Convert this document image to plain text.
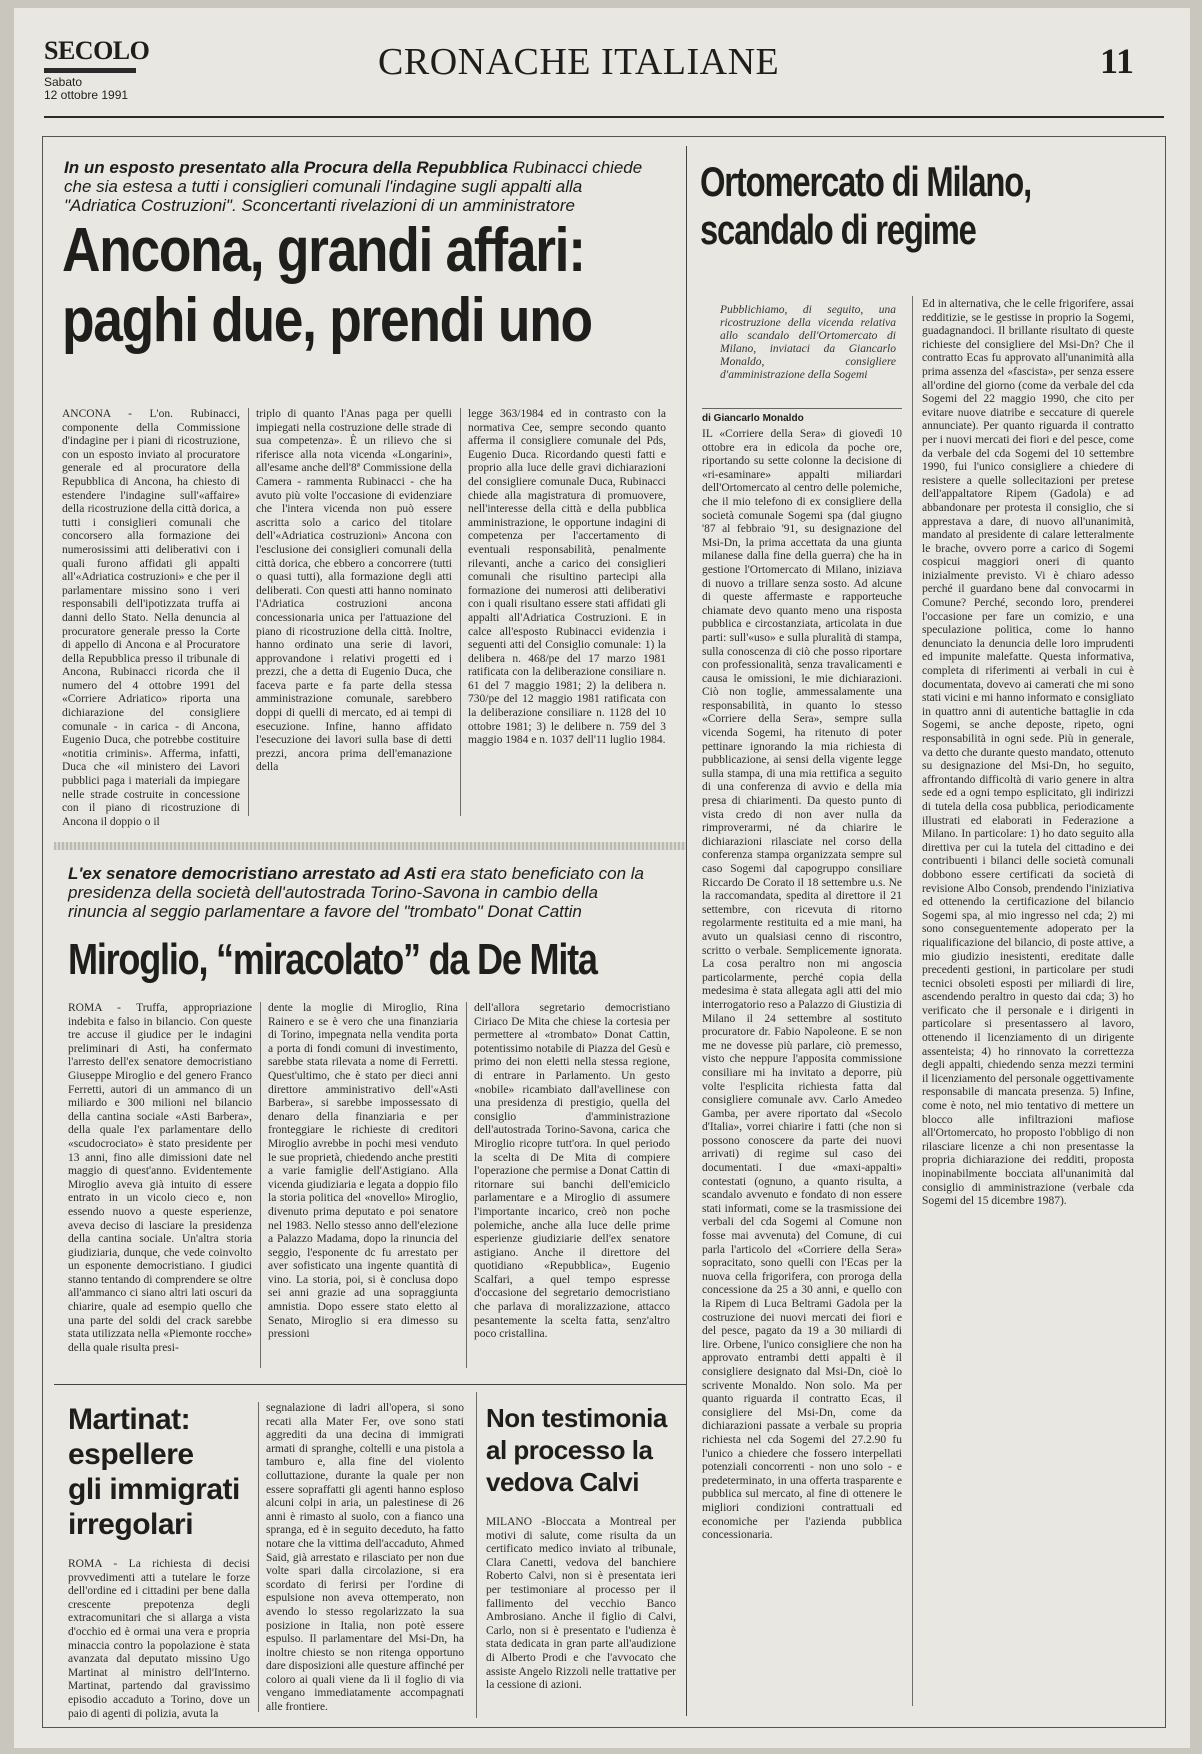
SECOLO
Sabato
12 ottobre 1991
CRONACHE ITALIANE	11

In un esposto presentato alla Procura della Repubblica Rubinacci chiede che sia estesa a tutti i consiglieri comunali l'indagine sugli appalti alla "Adriatica Costruzioni". Sconcertanti rivelazioni di un amministratore

Ancona, grandi affari:
paghi due, prendi uno

ANCONA - L'on. Rubinacci, componente della Commissione d'indagine per i piani di ricostruzione, con un esposto inviato al procuratore generale ed al procuratore della Repubblica di Ancona, ha chiesto di estendere l'indagine sull'«affaire» della ricostruzione della città dorica, a tutti i consiglieri comunali che concorsero alla formazione dei numerosissimi atti deliberativi con i quali furono affidati gli appalti all'«Adriatica costruzioni» e che per il parlamentare missino sono i veri responsabili dell'ipotizzata truffa ai danni dello Stato. Nella denuncia al procuratore generale presso la Corte di appello di Ancona e al Procuratore della Repubblica presso il tribunale di Ancona, Rubinacci ricorda che il numero del 4 ottobre 1991 del «Corriere Adriatico» riporta una dichiarazione del consigliere comunale - in carica - di Ancona, Eugenio Duca, che potrebbe costituire «notitia criminis». Afferma, infatti, Duca che «il ministero dei Lavori pubblici paga i materiali da impiegare nelle strade costruite in concessione con il piano di ricostruzione di Ancona il doppio o il

triplo di quanto l'Anas paga per quelli impiegati nella costruzione delle strade di sua competenza». È un rilievo che si riferisce alla nota vicenda «Longarini», all'esame anche dell'8ª Commissione della Camera - rammenta Rubinacci - che ha avuto più volte l'occasione di evidenziare che l'intera vicenda non può essere ascritta solo a carico del titolare dell'«Adriatica costruzioni» Ancona con l'esclusione dei consiglieri comunali della città dorica, che ebbero a concorrere (tutti o quasi tutti), alla formazione degli atti deliberati. Con questi atti hanno nominato l'Adriatica costruzioni ancona concessionaria unica per l'attuazione del piano di ricostruzione della città. Inoltre, hanno ordinato una serie di lavori, approvandone i relativi progetti ed i prezzi, che a detta di Eugenio Duca, che faceva parte e fa parte della stessa amministrazione comunale, sarebbero doppi di quelli di mercato, ed ai tempi di esecuzione. Infine, hanno affidato l'esecuzione dei lavori sulla base di detti prezzi, ancora prima dell'emanazione della

legge 363/1984 ed in contrasto con la normativa Cee, sempre secondo quanto afferma il consigliere comunale del Pds, Eugenio Duca. Ricordando questi fatti e proprio alla luce delle gravi dichiarazioni del consigliere comunale Duca, Rubinacci chiede alla magistratura di promuovere, nell'interesse della città e della pubblica amministrazione, le opportune indagini di competenza per l'accertamento di eventuali responsabilità, penalmente rilevanti, anche a carico dei consiglieri comunali che risultino partecipi alla formazione dei numerosi atti deliberativi con i quali risultano essere stati affidati gli appalti all'Adriatica Costruzioni. E in calce all'esposto Rubinacci evidenzia i seguenti atti del Consiglio comunale: 1) la delibera n. 468/pe del 17 marzo 1981 ratificata con la deliberazione consiliare n. 61 del 7 maggio 1981; 2) la delibera n. 730/pe del 12 maggio 1981 ratificata con la deliberazione consiliare n. 1128 del 10 ottobre 1981; 3) le delibere n. 759 del 3 maggio 1984 e n. 1037 dell'11 luglio 1984.

Ortomercato di Milano,
scandalo di regime
Pubblichiamo, di seguito, una ricostruzione della vicenda relativa allo scandalo dell'Ortomercato di Milano, inviataci da Giancarlo Monaldo, consigliere d'amministrazione della Sogemi
di Giancarlo Monaldo

IL «Corriere della Sera» di giovedì 10 ottobre era in edicola da poche ore, riportando su sette colonne la decisione di «ri-esaminare» appalti miliardari dell'Ortomercato al centro delle polemiche, che il mio telefono di ex consigliere della società comunale Sogemi spa (dal giugno '87 al febbraio '91, su designazione del Msi-Dn, la prima accettata da una giunta milanese dalla fine della guerra) che ha in gestione l'Ortomercato di Milano, iniziava di nuovo a trillare senza sosto. Ad alcune di queste affermaste e rapporteuche chiamate devo quanto meno una risposta pubblica e circostanziata, articolata in due parti: sull'«uso» e sulla pluralità di stampa, sulla conoscenza di ciò che posso riportare con professionalità, senza travalicamenti e causa le omissioni, le mie dichiarazioni. Ciò non toglie, ammessalamente una responsabilità, in quanto lo stesso «Corriere della Sera», sempre sulla vicenda Sogemi, ha ritenuto di poter pettinare ignorando la mia richiesta di pubblicazione, ai sensi della vigente legge sulla stampa, di una mia rettifica a seguito di una conferenza di avvio e della mia presa di chiarimenti. Da questo punto di vista credo di non aver nulla da rimproverarmi, né da chiarire le dichiarazioni rilasciate nel corso della conferenza stampa organizzata sempre sul caso Sogemi dal capogruppo consiliare Riccardo De Corato il 18 settembre u.s. Ne la raccomandata, spedita al direttore il 21 settembre, con ricevuta di ritorno regolarmente restituita ed a mie mani, ha avuto un qualsiasi cenno di riscontro, scritto o verbale. Semplicemente ignorata. La cosa peraltro non mi angoscia particolarmente, perché copia della medesima è stata allegata agli atti del mio interrogatorio reso a Palazzo di Giustizia di Milano il 24 settembre al sostituto procuratore dr. Fabio Napoleone. E se non me ne dovesse più parlare, ciò premesso, visto che neppure l'apposita commissione consiliare mi ha invitato a deporre, più volte l'esplicita richiesta fatta dal consigliere comunale avv. Carlo Amedeo Gamba, per avere riportato dal «Secolo d'Italia», vorrei chiarire i fatti (che non si possono conoscere da parte dei nuovi arrivati) di regime sul caso dei documentati. I due «maxi-appalti» contestati (ognuno, a quanto risulta, a scandalo avvenuto e fondato di non essere stati informati, come se la trasmissione dei verbali del cda Sogemi al Comune non fosse mai avvenuta) del Comune, di cui parla l'articolo del «Corriere della Sera» sopracitato, sono quelli con l'Ecas per la nuova cella frigorifera, con proroga della concessione da 25 a 30 anni, e quello con la Ripem di Luca Beltrami Gadola per la costruzione dei nuovi mercati dei fiori e del pesce, pagato da 19 a 30 miliardi di lire. Orbene, l'unico consigliere che non ha approvato entrambi detti appalti è il consigliere designato dal Msi-Dn, cioè lo scrivente Monaldo. Non solo. Ma per quanto riguarda il contratto Ecas, il consigliere del Msi-Dn, come da dichiarazioni passate a verbale su propria richiesta nel cda Sogemi del 27.2.90 fu l'unico a chiedere che fossero interpellati potenziali concorrenti - non uno solo - e predeterminato, in una offerta trasparente e pubblica sul mercato, al fine di ottenere le migliori condizioni contrattuali ed economiche per l'azienda pubblica concessionaria.

Ed in alternativa, che le celle frigorifere, assai redditizie, se le gestisse in proprio la Sogemi, guadagnandoci. Il brillante risultato di queste richieste del consigliere del Msi-Dn? Che il contratto Ecas fu approvato all'unanimità alla prima assenza del «fascista», per senza essere all'ordine del giorno (come da verbale del cda Sogemi del 22 maggio 1990, che cito per evitare nuove diatribe e seccature di querele annunciate). Per quanto riguarda il contratto per i nuovi mercati dei fiori e del pesce, come da verbale del cda Sogemi del 10 settembre 1990, fui l'unico consigliere a chiedere di resistere a quelle sollecitazioni per pretese dell'appaltatore Ripem (Gadola) e ad abbandonare per protesta il consiglio, che si apprestava a dare, di nuovo all'unanimità, mandato al presidente di calare letteralmente le brache, ovvero porre a carico di Sogemi cospicui maggiori oneri di quanto inizialmente previsto. Vi è chiaro adesso perché il guardano bene dal convocarmi in Comune? Perché, secondo loro, prenderei l'occasione per fare un comizio, e una speculazione politica, come lo hanno denunciato la denuncia delle loro imprudenti ed impunite malefatte. Questa informativa, completa di riferimenti ai verbali in cui è documentata, dovevo ai camerati che mi sono stati vicini e mi hanno informato e consigliato in quattro anni di autentiche battaglie in cda Sogemi, se anche deposte, ripeto, ogni responsabilità in ogni sede. Più in generale, va detto che durante questo mandato, ottenuto su designazione del Msi-Dn, ho seguito, affrontando difficoltà di vario genere in altra sede ed a ogni tempo esplicitato, gli indirizzi di tutela della cosa pubblica, periodicamente illustrati ed elaborati in Federazione a Milano. In particolare: 1) ho dato seguito alla direttiva per cui la tutela del cittadino e dei contribuenti i bilanci delle società comunali dobbono essere certificati da società di revisione Albo Consob, prendendo l'iniziativa ed ottenendo la certificazione del bilancio Sogemi spa, al mio ingresso nel cda; 2) mi sono conseguentemente adoperato per la riqualificazione del bilancio, di poste attive, a mio giudizio inesistenti, ereditate dalle precedenti gestioni, in particolare per studi tecnici obsoleti esposti per miliardi di lire, ascendendo peraltro in questo dai cda; 3) ho verificato che il personale e i dirigenti in particolare si presentassero al lavoro, ottenendo il licenziamento di un dirigente assenteista; 4) ho rinnovato la correttezza degli appalti, chiedendo senza mezzi termini il licenziamento del personale oggettivamente responsabile di mancata presenza. 5) Infine, come è noto, nel mio tentativo di mettere un blocco alle infiltrazioni mafiose all'Ortomercato, ho proposto l'obbligo di non rilasciare licenze a chi non presentasse la propria dichiarazione dei redditi, proposta inopinabilmente bocciata all'unanimità dal consiglio di amministrazione (verbale cda Sogemi del 15 dicembre 1987).

L'ex senatore democristiano arrestato ad Asti era stato beneficiato con la presidenza della società dell'autostrada Torino-Savona in cambio della rinuncia al seggio parlamentare a favore del "trombato" Donat Cattin

Miroglio, “miracolato” da De Mita

ROMA - Truffa, appropriazione indebita e falso in bilancio. Con queste tre accuse il giudice per le indagini preliminari di Asti, ha confermato l'arresto dell'ex senatore democristiano Giuseppe Miroglio e del genero Franco Ferretti, autori di un ammanco di un miliardo e 300 milioni nel bilancio della cantina sociale «Asti Barbera», della quale l'ex parlamentare dello «scudocrociato» è stato presidente per 13 anni, fino alle dimissioni date nel maggio di quest'anno. Evidentemente Miroglio aveva già intuito di essere entrato in un vicolo cieco e, non essendo nuovo a queste esperienze, aveva deciso di lasciare la presidenza della cantina sociale. Un'altra storia giudiziaria, dunque, che vede coinvolto un esponente democristiano. I giudici stanno tentando di comprendere se oltre all'ammanco ci siano altri lati oscuri da chiarire, quale ad esempio quello che una parte del soldi del crack sarebbe stata utilizzata nella «Piemonte rocche» della quale risulta presi-

dente la moglie di Miroglio, Rina Rainero e se è vero che una finanziaria di Torino, impegnata nella vendita porta a porta di fondi comuni di investimento, sarebbe stata rilevata a nome di Ferretti. Quest'ultimo, che è stato per dieci anni direttore amministrativo dell'«Asti Barbera», si sarebbe impossessato di denaro della finanziaria e per fronteggiare le richieste di creditori Miroglio avrebbe in pochi mesi venduto le sue proprietà, chiedendo anche prestiti a varie famiglie dell'Astigiano. Alla vicenda giudiziaria e legata a doppio filo la storia politica del «novello» Miroglio, divenuto prima deputato e poi senatore nel 1983. Nello stesso anno dell'elezione a Palazzo Madama, dopo la rinuncia del seggio, l'esponente dc fu arrestato per aver sofisticato una ingente quantità di vino. La storia, poi, si è conclusa dopo sei anni grazie ad una sopraggiunta amnistia. Dopo essere stato eletto al Senato, Miroglio si era dimesso su pressioni

dell'allora segretario democristiano Ciriaco De Mita che chiese la cortesia per permettere al «trombato» Donat Cattin, potentissimo notabile di Piazza del Gesù e primo dei non eletti nella stessa regione, di entrare in Parlamento. Un gesto «nobile» ricambiato dall'avellinese con una presidenza di prestigio, quella del consiglio d'amministrazione dell'autostrada Torino-Savona, carica che Miroglio ricopre tutt'ora. In quel periodo la scelta di De Mita di compiere l'operazione che permise a Donat Cattin di ritornare sui banchi dell'emiciclo parlamentare e a Miroglio di assumere l'importante incarico, creò non poche polemiche, anche alla luce delle prime esperienze giudiziarie dell'ex senatore astigiano. Anche il direttore del quotidiano «Repubblica», Eugenio Scalfari, a quel tempo espresse d'occasione del segretario democristiano che parlava di moralizzazione, attacco pesantemente la scelta fatta, senz'altro poco cristallina.

Martinat:
espellere
gli immigrati
irregolari

ROMA - La richiesta di decisi provvedimenti atti a tutelare le forze dell'ordine ed i cittadini per bene dalla crescente prepotenza degli extracomunitari che si allarga a vista d'occhio ed è ormai una vera e propria minaccia contro la popolazione è stata avanzata dal deputato missino Ugo Martinat al ministro dell'Interno. Martinat, partendo dal gravissimo episodio accaduto a Torino, dove un paio di agenti di polizia, avuta la

segnalazione di ladri all'opera, si sono recati alla Mater Fer, ove sono stati aggrediti da una decina di immigrati armati di spranghe, coltelli e una pistola a tamburo e, alla fine del violento colluttazione, durante la quale per non essere sopraffatti gli agenti hanno esploso alcuni colpi in aria, un palestinese di 26 anni è rimasto al suolo, con a fianco una spranga, ed è in seguito deceduto, ha fatto notare che la vittima dell'accaduto, Ahmed Said, già arrestato e rilasciato per non due volte spari dalla circolazione, si era scordato di ferirsi per l'ordine di espulsione non aveva ottemperato, non avendo lo stesso regolarizzato la sua posizione in Italia, non potè essere espulso. Il parlamentare del Msi-Dn, ha inoltre chiesto se non ritenga opportuno dare disposizioni alle questure affinché per coloro ai quali viene da lì il foglio di via vengano immediatamente accompagnati alle frontiere.

Non testimonia
al processo la
vedova Calvi

MILANO -Bloccata a Montreal per motivi di salute, come risulta da un certificato medico inviato al tribunale, Clara Canetti, vedova del banchiere Roberto Calvi, non si è presentata ieri per testimoniare al processo per il fallimento del vecchio Banco Ambrosiano. Anche il figlio di Calvi, Carlo, non si è presentato e l'udienza è stata dedicata in gran parte all'audizione di Alberto Prodi e che l'avvocato che assiste Angelo Rizzoli nelle trattative per la cessione di azioni.
